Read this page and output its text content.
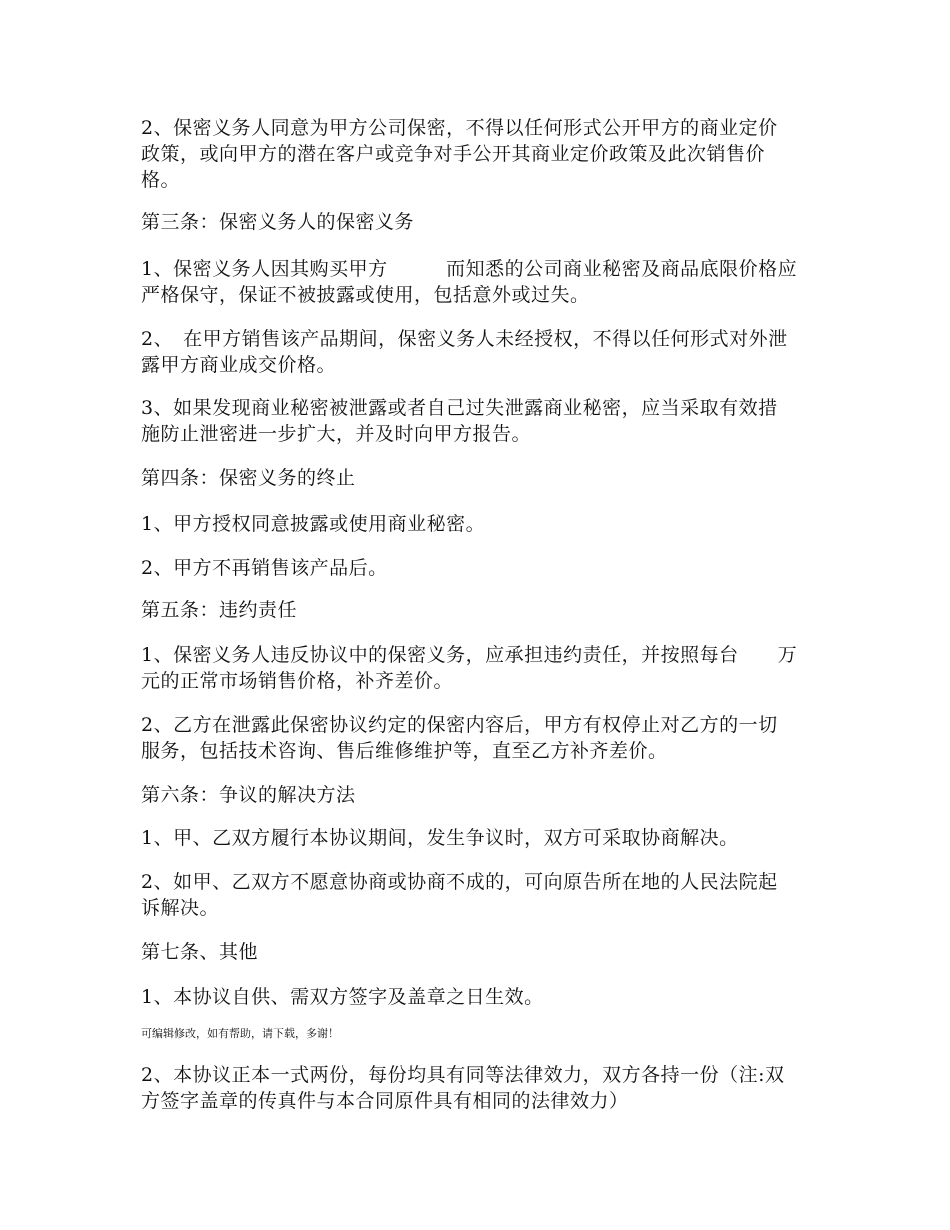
2、保密义务人同意为甲方公司保密，不得以任何形式公开甲方的商业定价
政策，或向甲方的潜在客户或竞争对手公开其商业定价政策及此次销售价
格。
第三条：保密义务人的保密义务
1、保密义务人因其购买甲方　　　而知悉的公司商业秘密及商品底限价格应
严格保守，保证不被披露或使用，包括意外或过失。
2、　在甲方销售该产品期间，保密义务人未经授权，不得以任何形式对外泄
露甲方商业成交价格。
3、如果发现商业秘密被泄露或者自己过失泄露商业秘密，应当采取有效措
施防止泄密进一步扩大，并及时向甲方报告。
第四条：保密义务的终止
1、甲方授权同意披露或使用商业秘密。
2、甲方不再销售该产品后。
第五条：违约责任
1、保密义务人违反协议中的保密义务，应承担违约责任，并按照每台　　万
元的正常市场销售价格，补齐差价。
2、乙方在泄露此保密协议约定的保密内容后，甲方有权停止对乙方的一切
服务，包括技术咨询、售后维修维护等，直至乙方补齐差价。
第六条：争议的解决方法
1、甲、乙双方履行本协议期间，发生争议时，双方可采取协商解决。
2、如甲、乙双方不愿意协商或协商不成的，可向原告所在地的人民法院起
诉解决。
第七条、其他
1、本协议自供、需双方签字及盖章之日生效。
可编辑修改，如有帮助，请下载，多谢！
2、本协议正本一式两份，每份均具有同等法律效力，双方各持一份（注:双
方签字盖章的传真件与本合同原件具有相同的法律效力）
